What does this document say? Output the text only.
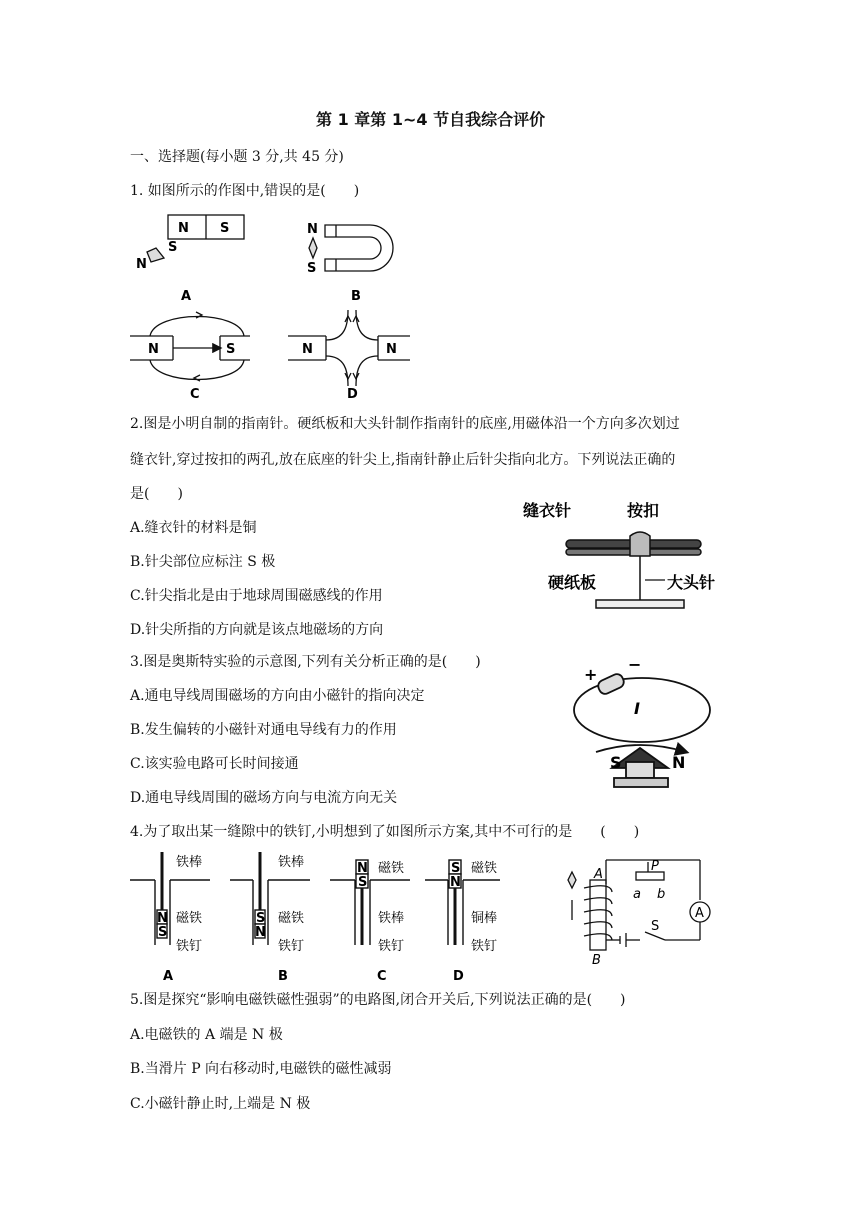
第 1 章第 1~4 节自我综合评价
一、选择题(每小题 3 分,共 45 分)
1. 如图所示的作图中,错误的是(　　)
N S
S
N
A
N
S
B
N	S
C
N	N
D
2.图是小明自制的指南针。硬纸板和大头针制作指南针的底座,用磁体沿一个方向多次划过
缝衣针,穿过按扣的两孔,放在底座的针尖上,指南针静止后针尖指向北方。下列说法正确的
是(　　)
A.缝衣针的材料是铜
B.针尖部位应标注 S 极
C.针尖指北是由于地球周围磁感线的作用
D.针尖所指的方向就是该点地磁场的方向
缝衣针	按扣
硬纸板	大头针
3.图是奥斯特实验的示意图,下列有关分析正确的是(　　)
A.通电导线周围磁场的方向由小磁针的指向决定
B.发生偏转的小磁针对通电导线有力的作用
C.该实验电路可长时间接通
D.通电导线周围的磁场方向与电流方向无关
+
−
I
S	N
4.为了取出某一缝隙中的铁钉,小明想到了如图所示方案,其中不可行的是　　(　　)
N
S
铁棒
磁铁
铁钉
A
S
N
铁棒
磁铁
铁钉
B
N
S
磁铁
铁棒
铁钉
C
S
N
磁铁
铜棒
铁钉
D
A
B
P
a b
S
A
5.图是探究“影响电磁铁磁性强弱”的电路图,闭合开关后,下列说法正确的是(　　)
A.电磁铁的 A 端是 N 极
B.当滑片 P 向右移动时,电磁铁的磁性减弱
C.小磁针静止时,上端是 N 极
